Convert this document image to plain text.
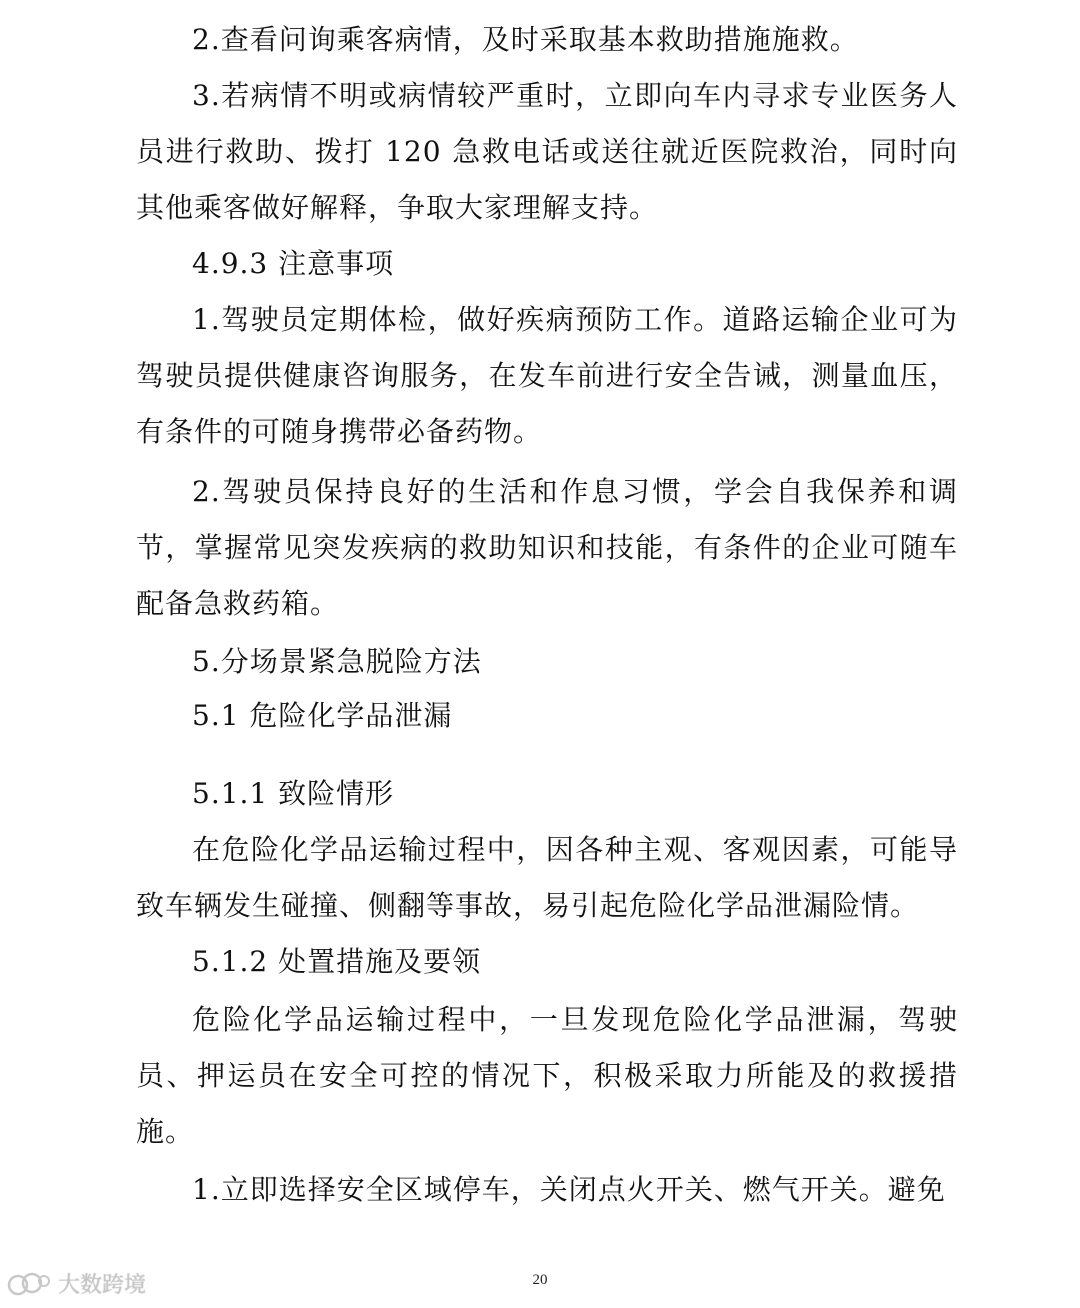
2.查看问询乘客病情，及时采取基本救助措施施救。

3.若病情不明或病情较严重时，立即向车内寻求专业医务人员进行救助、拨打 120 急救电话或送往就近医院救治，同时向其他乘客做好解释，争取大家理解支持。

4.9.3 注意事项

1.驾驶员定期体检，做好疾病预防工作。道路运输企业可为驾驶员提供健康咨询服务，在发车前进行安全告诫，测量血压，有条件的可随身携带必备药物。

2.驾驶员保持良好的生活和作息习惯，学会自我保养和调节，掌握常见突发疾病的救助知识和技能，有条件的企业可随车配备急救药箱。

5.分场景紧急脱险方法

5.1 危险化学品泄漏

5.1.1 致险情形

在危险化学品运输过程中，因各种主观、客观因素，可能导致车辆发生碰撞、侧翻等事故，易引起危险化学品泄漏险情。

5.1.2 处置措施及要领

危险化学品运输过程中，一旦发现危险化学品泄漏，驾驶员、押运员在安全可控的情况下，积极采取力所能及的救援措施。

1.立即选择安全区域停车，关闭点火开关、燃气开关。避免

20
大数跨境
